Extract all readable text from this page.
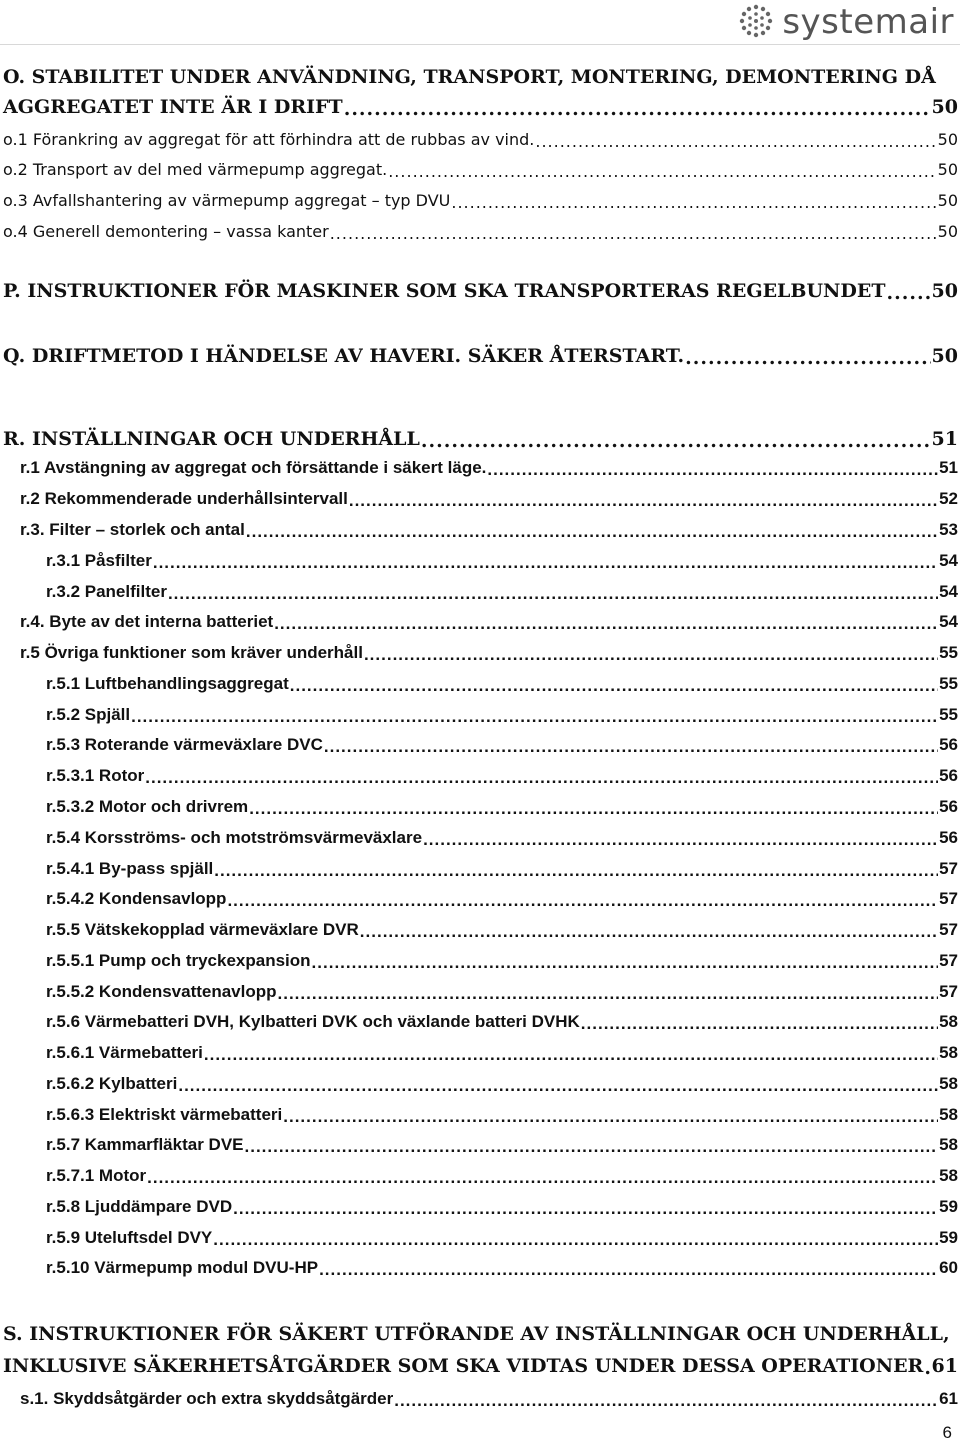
systemair
O. STABILITET UNDER ANVÄNDNING, TRANSPORT, MONTERING, DEMONTERING DÅ
AGGREGATET INTE ÄR I DRIFT .....	50
o.1 Förankring av aggregat för att förhindra att de rubbas av vind. .....	50
o.2 Transport av del med värmepump aggregat. .....	50
o.3 Avfallshantering av värmepump aggregat – typ DVU .....	50
o.4 Generell demontering – vassa kanter .....	50
P. INSTRUKTIONER FÖR MASKINER SOM SKA TRANSPORTERAS REGELBUNDET ..... 50
Q. DRIFTMETOD I HÄNDELSE AV HAVERI. SÄKER ÅTERSTART. .....	50
R. INSTÄLLNINGAR OCH UNDERHÅLL .....	51
r.1 Avstängning av aggregat och försättande i säkert läge. .....	51
r.2 Rekommenderade underhållsintervall .....	52
r.3. Filter – storlek och antal .....	53
r.3.1 Påsfilter .....	54
r.3.2 Panelfilter .....	54
r.4. Byte av det interna batteriet .....	54
r.5 Övriga funktioner som kräver underhåll .....	55
r.5.1 Luftbehandlingsaggregat .....	55
r.5.2 Spjäll .....	55
r.5.3 Roterande värmeväxlare DVC .....	56
r.5.3.1 Rotor .....	56
r.5.3.2 Motor och drivrem .....	56
r.5.4 Korsströms- och motströmsvärmeväxlare .....	56
r.5.4.1 By-pass spjäll .....	57
r.5.4.2 Kondensavlopp .....	57
r.5.5 Vätskekopplad värmeväxlare DVR .....	57
r.5.5.1 Pump och tryckexpansion .....	57
r.5.5.2 Kondensvattenavlopp .....	57
r.5.6 Värmebatteri DVH, Kylbatteri DVK och växlande batteri DVHK .....	58
r.5.6.1 Värmebatteri .....	58
r.5.6.2 Kylbatteri .....	58
r.5.6.3 Elektriskt värmebatteri .....	58
r.5.7 Kammarfläktar DVE .....	58
r.5.7.1 Motor .....	58
r.5.8 Ljuddämpare DVD .....	59
r.5.9 Uteluftsdel DVY .....	59
r.5.10 Värmepump modul DVU-HP .....	60
S. INSTRUKTIONER FÖR SÄKERT UTFÖRANDE AV INSTÄLLNINGAR OCH UNDERHÅLL,
INKLUSIVE SÄKERHETSÅTGÄRDER SOM SKA VIDTAS UNDER DESSA OPERATIONER ..... 61
s.1. Skyddsåtgärder och extra skyddsåtgärder .....	61
6
